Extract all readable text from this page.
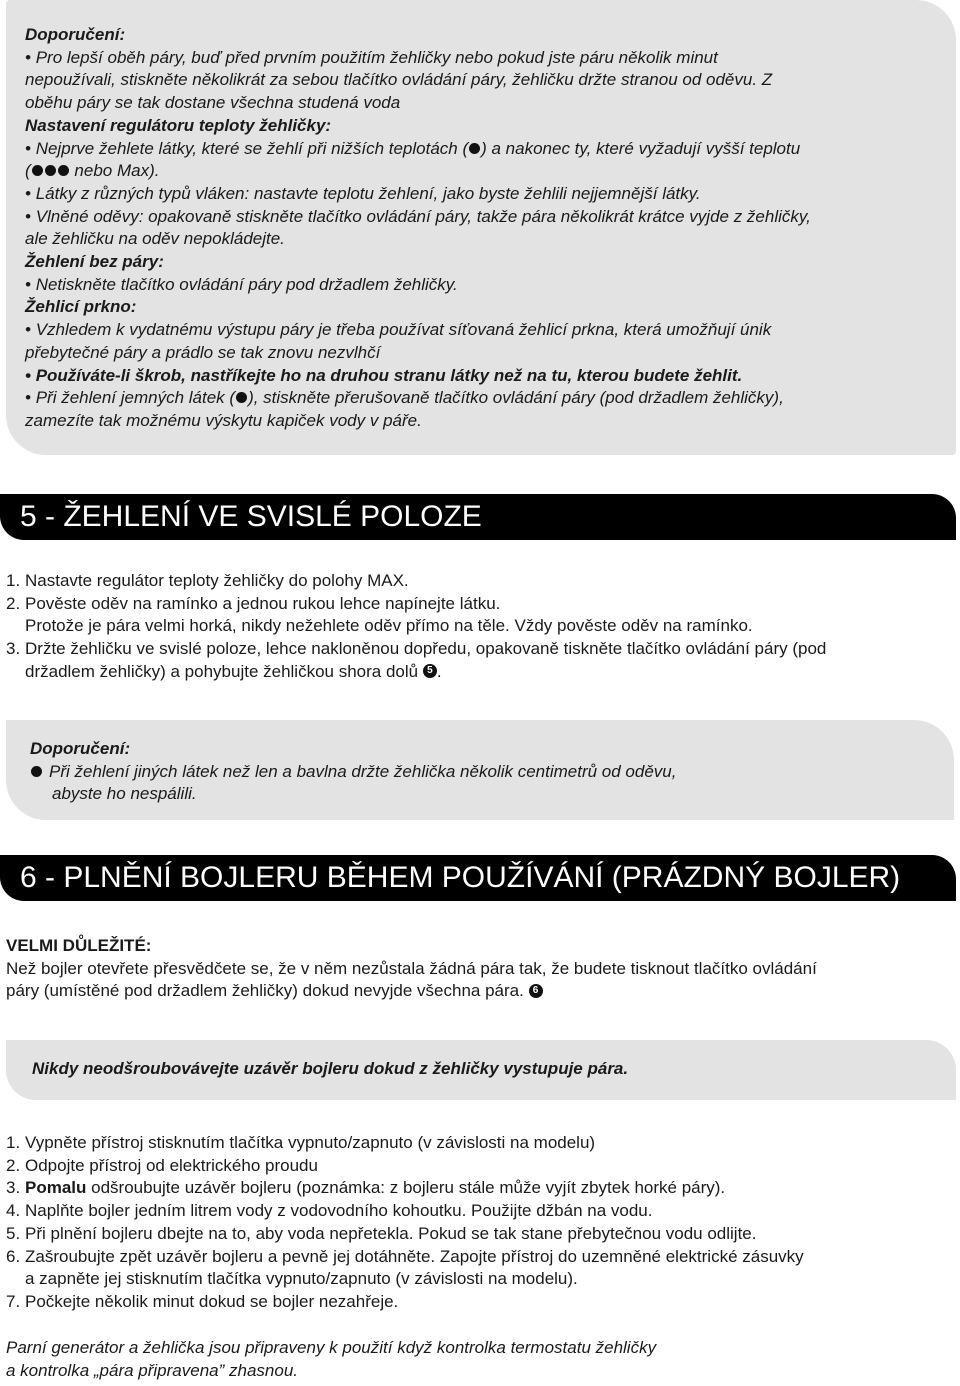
Doporučení:

• Pro lepší oběh páry, buď před prvním použitím žehličky nebo pokud jste páru několik minut

nepoužívali, stiskněte několikrát za sebou tlačítko ovládání páry, žehličku držte stranou od oděvu. Z

oběhu páry se tak dostane všechna studená voda

Nastavení regulátoru teploty žehličky:

• Nejprve žehlete látky, které se žehlí při nižších teplotách ( ) a nakonec ty, které vyžadují vyšší teplotu

(	nebo Max).

• Látky z různých typů vláken: nastavte teplotu žehlení, jako byste žehlili nejjemnější látky.

• Vlněné oděvy: opakovaně stiskněte tlačítko ovládání páry, takže pára několikrát krátce vyjde z žehličky,

ale žehličku na oděv nepokládejte.

Žehlení bez páry:

• Netiskněte tlačítko ovládání páry pod držadlem žehličky.

Žehlicí prkno:

• Vzhledem k vydatnému výstupu páry je třeba používat síťovaná žehlicí prkna, která umožňují únik

přebytečné páry a prádlo se tak znovu nezvlhčí

• Používáte-li škrob, nastříkejte ho na druhou stranu látky než na tu, kterou budete žehlit.

• Při žehlení jemných látek ( ), stiskněte přerušovaně tlačítko ovládání páry (pod držadlem žehličky),

zamezíte tak možnému výskytu kapiček vody v páře.

5 - ŽEHLENÍ VE SVISLÉ POLOZE

1. Nastavte regulátor teploty žehličky do polohy MAX.

2. Pověste oděv na ramínko a jednou rukou lehce napínejte látku.

Protože je pára velmi horká, nikdy nežehlete oděv přímo na těle. Vždy pověste oděv na ramínko.

3. Držte žehličku ve svislé poloze, lehce nakloněnou dopředu, opakovaně tiskněte tlačítko ovládání páry (pod

držadlem žehličky) a pohybujte žehličkou shora dolů 5 .

Doporučení:

Při žehlení jiných látek než len a bavlna držte žehlička několik centimetrů od oděvu,

abyste ho nespálili.

6 - PLNĚNÍ BOJLERU BĚHEM POUŽÍVÁNÍ (PRÁZDNÝ BOJLER)

VELMI DŮLEŽITÉ:

Než bojler otevřete přesvědčete se, že v něm nezůstala žádná pára tak, že budete tisknout tlačítko ovládání

páry (umístěné pod držadlem žehličky) dokud nevyjde všechna pára. 6

Nikdy neodšroubovávejte uzávěr bojleru dokud z žehličky vystupuje pára.

1. Vypněte přístroj stisknutím tlačítka vypnuto/zapnuto (v závislosti na modelu)

2. Odpojte přístroj od elektrického proudu

3. Pomalu odšroubujte uzávěr bojleru (poznámka: z bojleru stále může vyjít zbytek horké páry).

4. Naplňte bojler jedním litrem vody z vodovodního kohoutku. Použijte džbán na vodu.

5. Při plnění bojleru dbejte na to, aby voda nepřetekla. Pokud se tak stane přebytečnou vodu odlijte.

6. Zašroubujte zpět uzávěr bojleru a pevně jej dotáhněte. Zapojte přístroj do uzemněné elektrické zásuvky

a zapněte jej stisknutím tlačítka vypnuto/zapnuto (v závislosti na modelu).

7. Počkejte několik minut dokud se bojler nezahřeje.

Parní generátor a žehlička jsou připraveny k použití když kontrolka termostatu žehličky

a kontrolka „pára připravena” zhasnou.
